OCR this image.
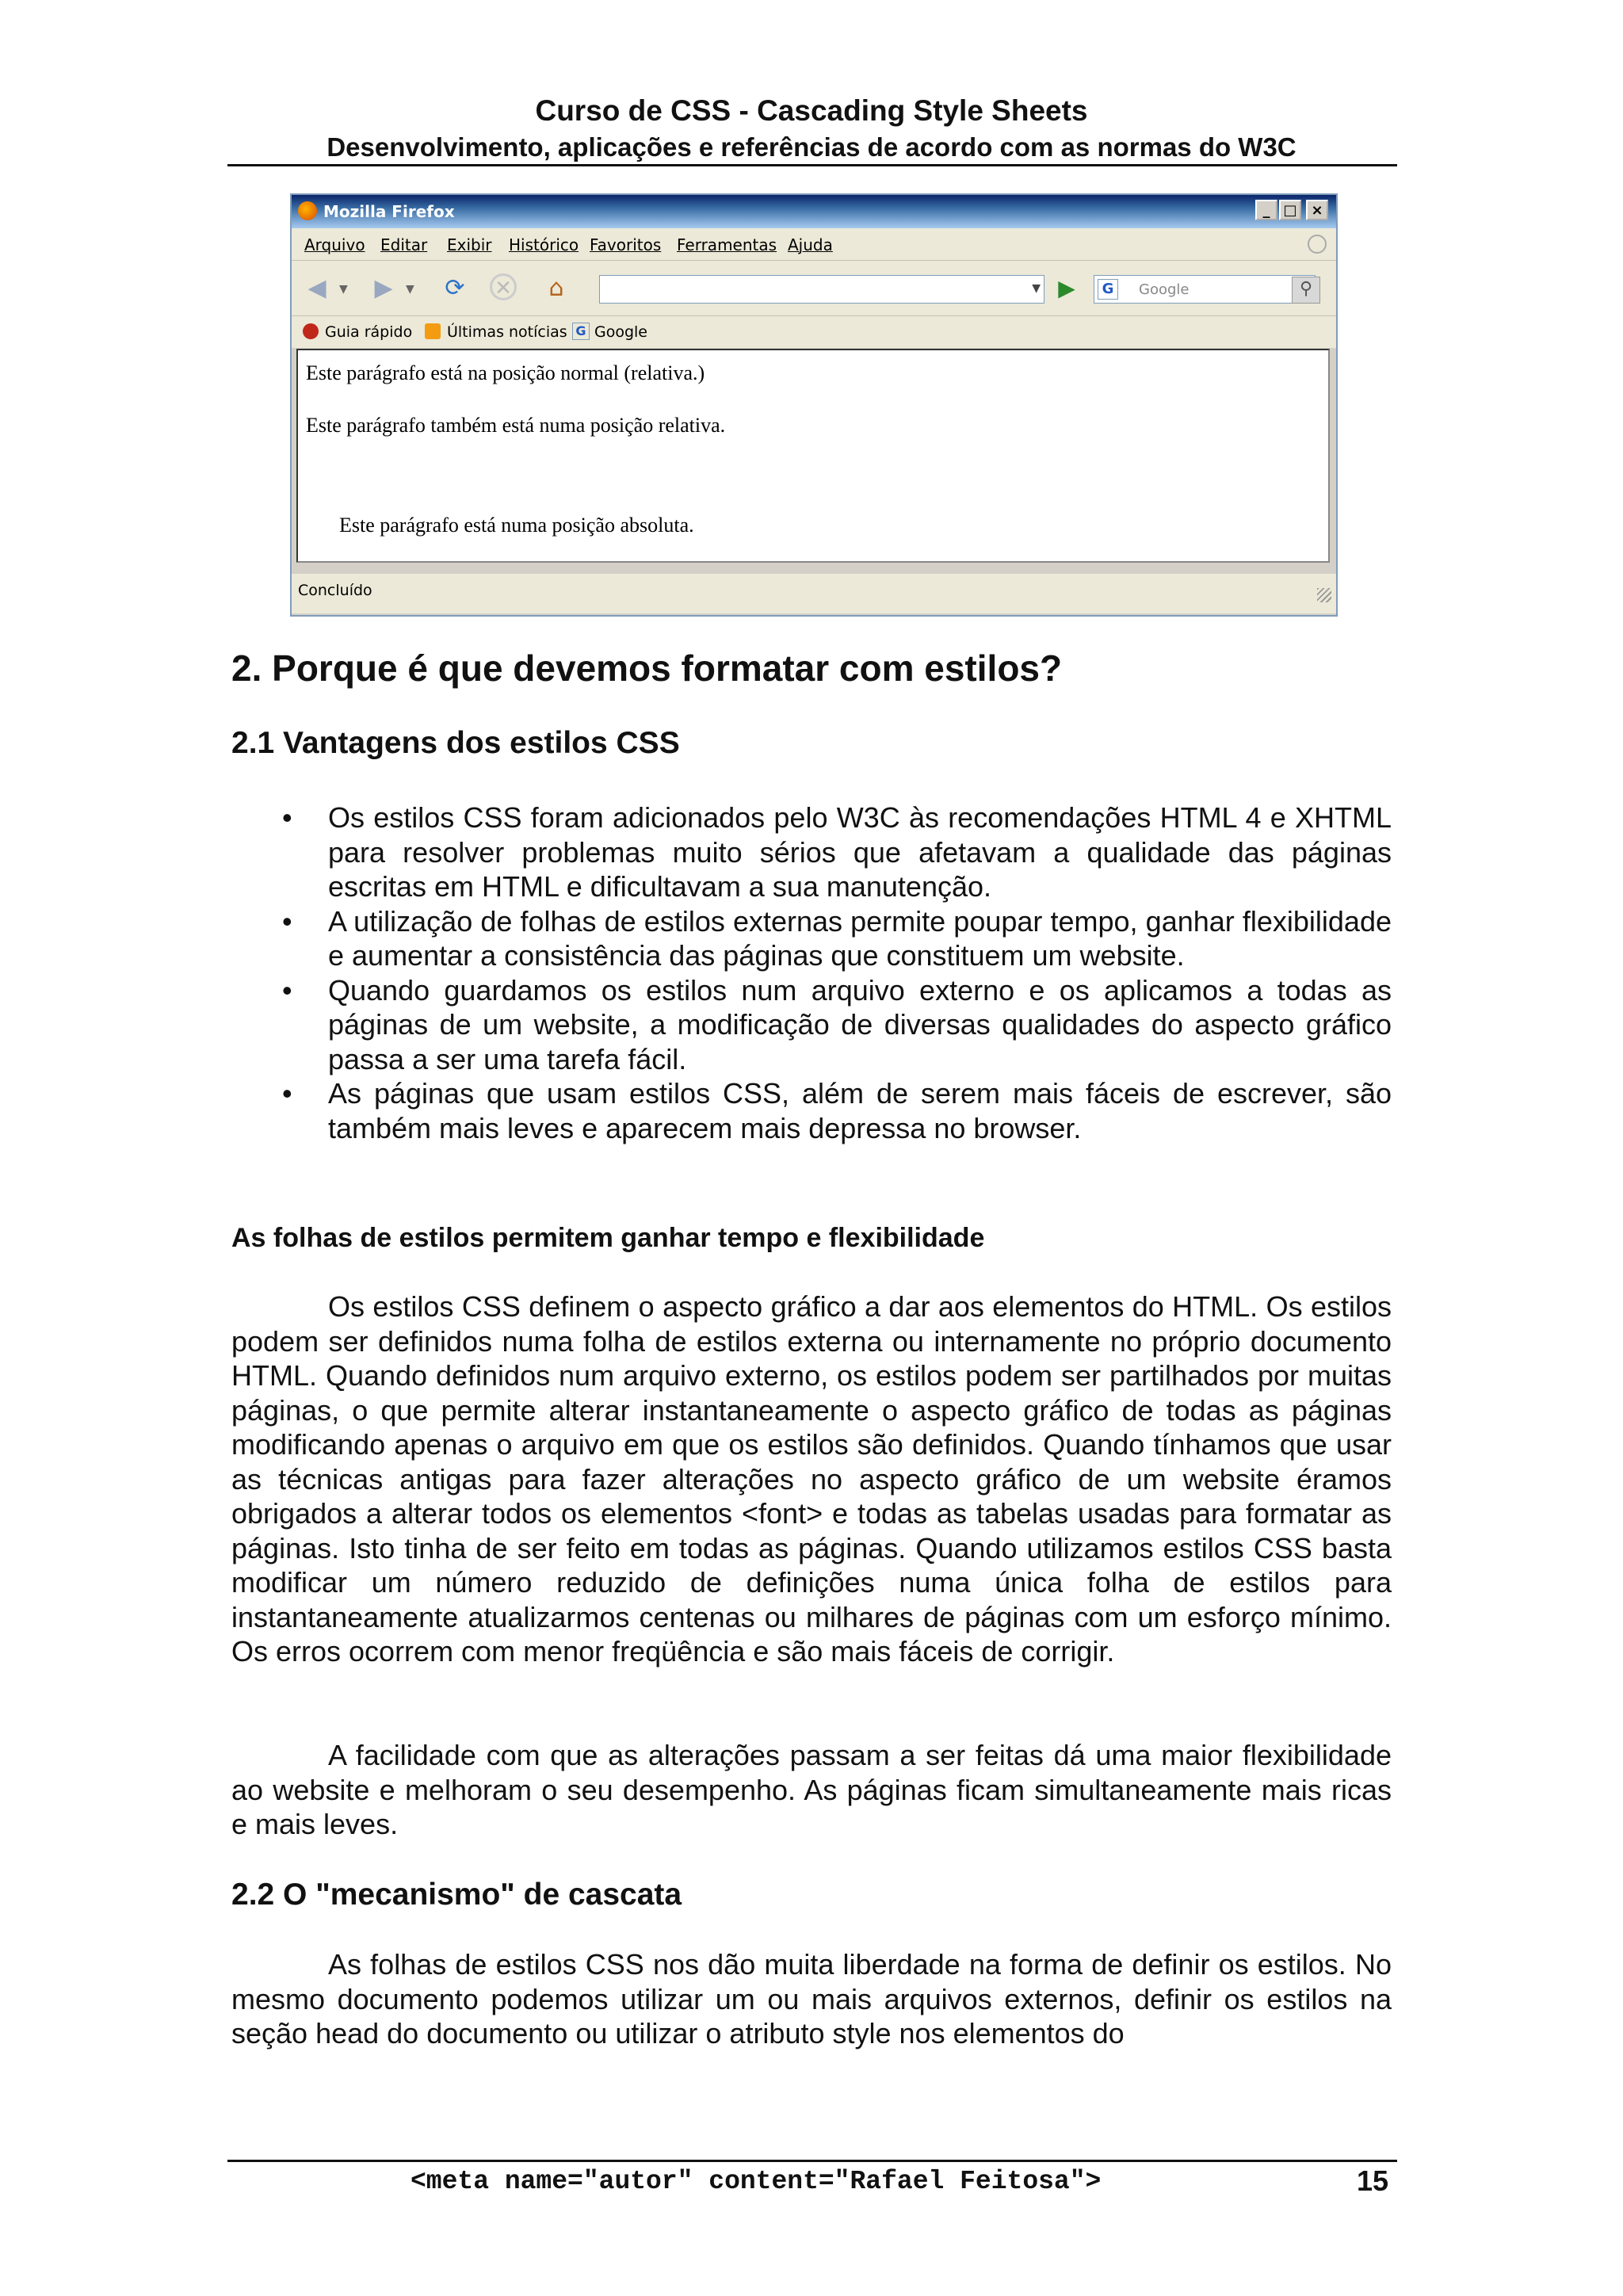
Curso de CSS - Cascading Style Sheets
Desenvolvimento, aplicações e referências de acordo com as normas do W3C
Mozilla Firefox	_ □ ×
Arquivo Editar Exibir Histórico Favoritos Ferramentas Ajuda
◀	▼ ▶	▼ ⟳ ✕	⌂	▼ ▶	G	Google	⚲
Guia rápido Últimas notícias G Google
Este parágrafo está na posição normal (relativa.)
Este parágrafo também está numa posição relativa.
Este parágrafo está numa posição absoluta.
Concluído
2. Porque é que devemos formatar com estilos?
2.1 Vantagens dos estilos CSS
• Os estilos CSS foram adicionados pelo W3C às recomendações HTML 4 e XHTML para resolver problemas muito sérios que afetavam a qualidade das páginas escritas em HTML e dificultavam a sua manutenção.
• A utilização de folhas de estilos externas permite poupar tempo, ganhar flexibilidade e aumentar a consistência das páginas que constituem um website.
• Quando guardamos os estilos num arquivo externo e os aplicamos a todas as páginas de um website, a modificação de diversas qualidades do aspecto gráfico passa a ser uma tarefa fácil.
• As páginas que usam estilos CSS, além de serem mais fáceis de escrever, são também mais leves e aparecem mais depressa no browser.
As folhas de estilos permitem ganhar tempo e flexibilidade
Os estilos CSS definem o aspecto gráfico a dar aos elementos do HTML. Os estilos podem ser definidos numa folha de estilos externa ou internamente no próprio documento HTML. Quando definidos num arquivo externo, os estilos podem ser partilhados por muitas páginas, o que permite alterar instantaneamente o aspecto gráfico de todas as páginas modificando apenas o arquivo em que os estilos são definidos. Quando tínhamos que usar as técnicas antigas para fazer alterações no aspecto gráfico de um website éramos obrigados a alterar todos os elementos <font> e todas as tabelas usadas para formatar as páginas. Isto tinha de ser feito em todas as páginas. Quando utilizamos estilos CSS basta modificar um número reduzido de definições numa única folha de estilos para instantaneamente atualizarmos centenas ou milhares de páginas com um esforço mínimo. Os erros ocorrem com menor freqüência e são mais fáceis de corrigir.
A facilidade com que as alterações passam a ser feitas dá uma maior flexibilidade ao website e melhoram o seu desempenho. As páginas ficam simultaneamente mais ricas e mais leves.
2.2 O "mecanismo" de cascata
As folhas de estilos CSS nos dão muita liberdade na forma de definir os estilos. No mesmo documento podemos utilizar um ou mais arquivos externos, definir os estilos na seção head do documento ou utilizar o atributo style nos elementos do
<meta name="autor" content="Rafael Feitosa">	15
